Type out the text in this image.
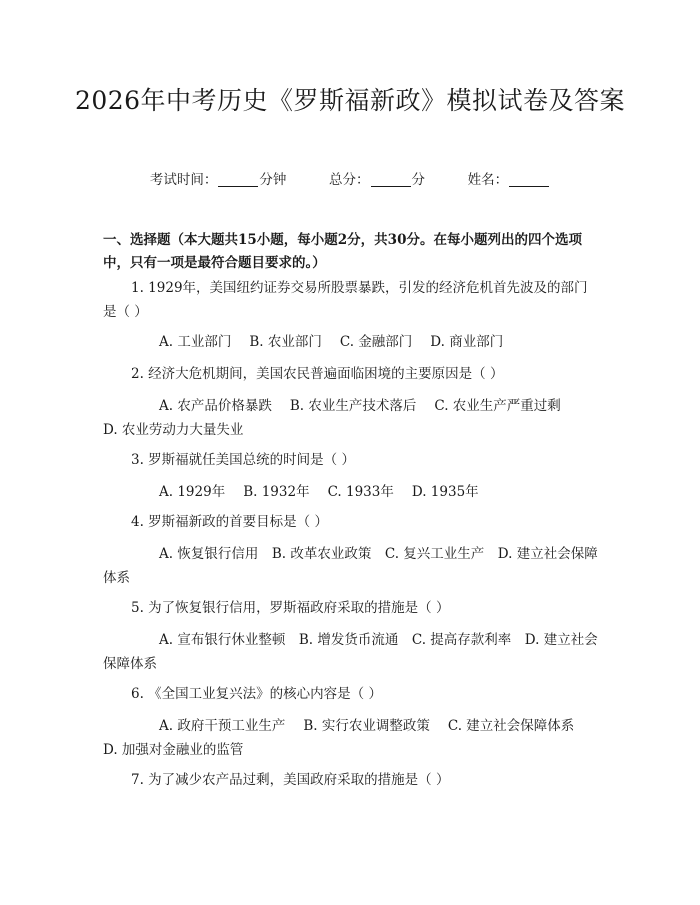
2026年中考历史《罗斯福新政》模拟试卷及答案
考试时间：	分钟	总分：	分	姓名：
一、选择题（本大题共15小题，每小题2分，共30分。在每小题列出的四个选项中，只有一项是最符合题目要求的。）
1. 1929年，美国纽约证券交易所股票暴跌，引发的经济危机首先波及的部门是（ ）
A. 工业部门 B. 农业部门 C. 金融部门 D. 商业部门
2. 经济大危机期间，美国农民普遍面临困境的主要原因是（ ）
A. 农产品价格暴跌 B. 农业生产技术落后 C. 农业生产严重过剩 D. 农业劳动力大量失业
3. 罗斯福就任美国总统的时间是（ ）
A. 1929年 B. 1932年 C. 1933年 D. 1935年
4. 罗斯福新政的首要目标是（ ）
A. 恢复银行信用  B. 改革农业政策  C. 复兴工业生产  D. 建立社会保障体系
5. 为了恢复银行信用，罗斯福政府采取的措施是（ ）
A. 宣布银行休业整顿  B. 增发货币流通  C. 提高存款利率  D. 建立社会保障体系
6. 《全国工业复兴法》的核心内容是（ ）
A. 政府干预工业生产 B. 实行农业调整政策 C. 建立社会保障体系 D. 加强对金融业的监管
7. 为了减少农产品过剩，美国政府采取的措施是（ ）
